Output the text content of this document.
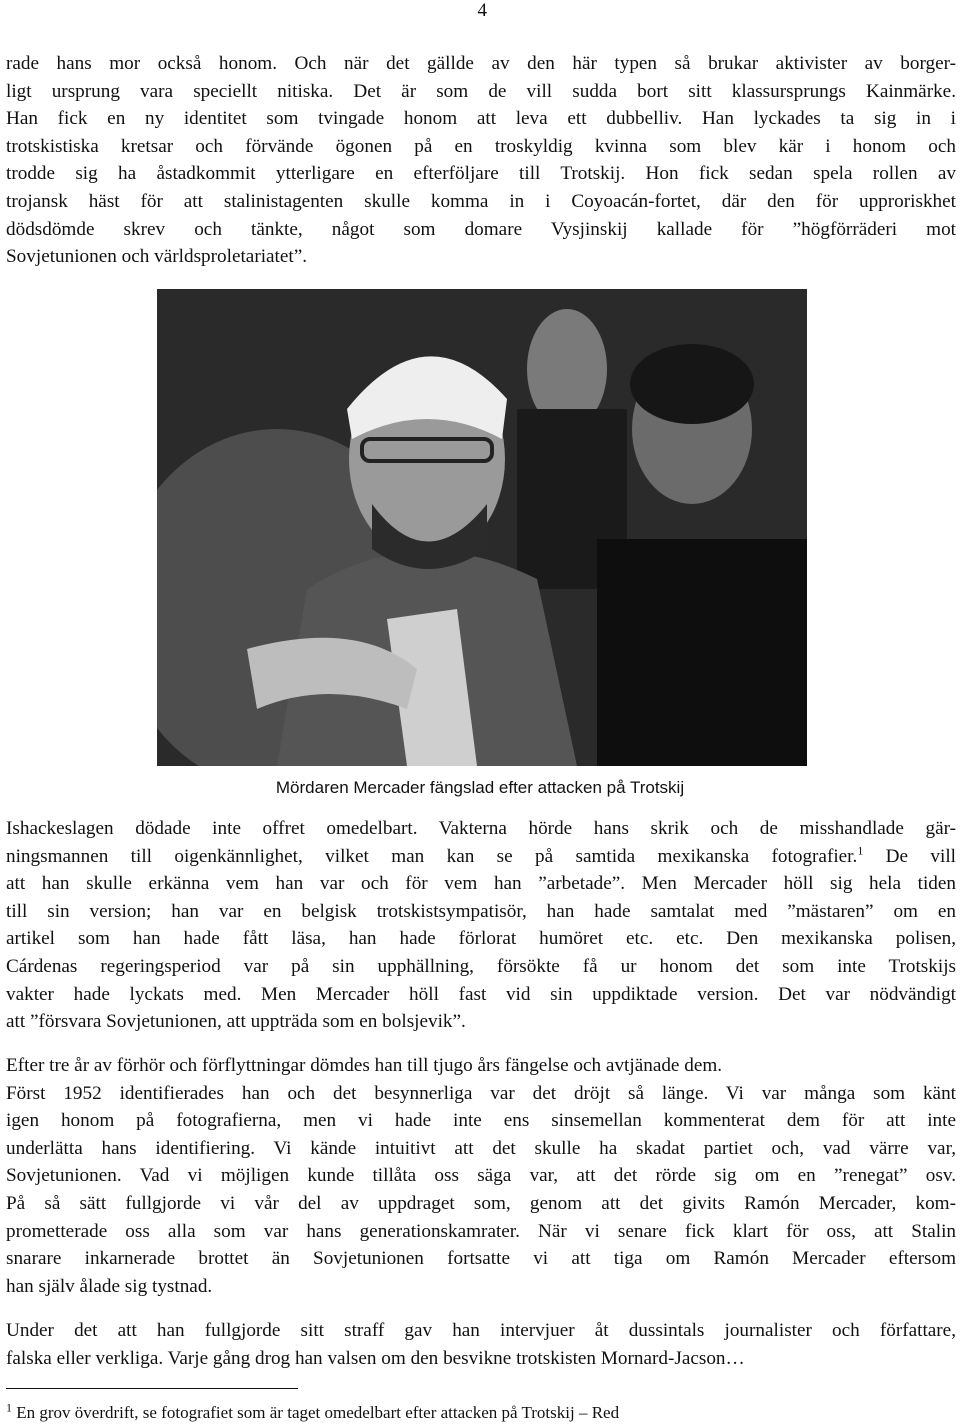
4

rade hans mor också honom. Och när det gällde av den här typen så brukar aktivister av borger-
ligt ursprung vara speciellt nitiska. Det är som de vill sudda bort sitt klassursprungs Kainmärke.
Han fick en ny identitet som tvingade honom att leva ett dubbelliv. Han lyckades ta sig in i
trotskistiska kretsar och förvände ögonen på en troskyldig kvinna som blev kär i honom och
trodde sig ha åstadkommit ytterligare en efterföljare till Trotskij. Hon fick sedan spela rollen av
trojansk häst för att stalinistagenten skulle komma in i Coyoacán-fortet, där den för upproriskhet
dödsdömde skrev och tänkte, något som domare Vysjinskij kallade för ”högförräderi mot
Sovjetunionen och världsproletariatet”.

Mördaren Mercader fängslad efter attacken på Trotskij

Ishackeslagen dödade inte offret omedelbart. Vakterna hörde hans skrik och de misshandlade gär-
ningsmannen till oigenkännlighet, vilket man kan se på samtida mexikanska fotografier.$^1$ De vill
att han skulle erkänna vem han var och för vem han ”arbetade”. Men Mercader höll sig hela tiden
till sin version; han var en belgisk trotskistsympatisör, han hade samtalat med ”mästaren” om en
artikel som han hade fått läsa, han hade förlorat humöret etc. etc. Den mexikanska polisen,
Cárdenas regeringsperiod var på sin upphällning, försökte få ur honom det som inte Trotskijs
vakter hade lyckats med. Men Mercader höll fast vid sin uppdiktade version. Det var nödvändigt
att ”försvara Sovjetunionen, att uppträda som en bolsjevik”.

Efter tre år av förhör och förflyttningar dömdes han till tjugo års fängelse och avtjänade dem.
Först 1952 identifierades han och det besynnerliga var det dröjt så länge. Vi var många som känt
igen honom på fotografierna, men vi hade inte ens sinsemellan kommenterat dem för att inte
underlätta hans identifiering. Vi kände intuitivt att det skulle ha skadat partiet och, vad värre var,
Sovjetunionen. Vad vi möjligen kunde tillåta oss säga var, att det rörde sig om en ”renegat” osv.
På så sätt fullgjorde vi vår del av uppdraget som, genom att det givits Ramón Mercader, kom-
prometterade oss alla som var hans generationskamrater. När vi senare fick klart för oss, att Stalin
snarare inkarnerade brottet än Sovjetunionen fortsatte vi att tiga om Ramón Mercader eftersom
han själv ålade sig tystnad.

Under det att han fullgjorde sitt straff gav han intervjuer åt dussintals journalister och författare,
falska eller verkliga. Varje gång drog han valsen om den besvikne trotskisten Mornard-Jacson…

$^1$ En grov överdrift, se fotografiet som är taget omedelbart efter attacken på Trotskij – Red
